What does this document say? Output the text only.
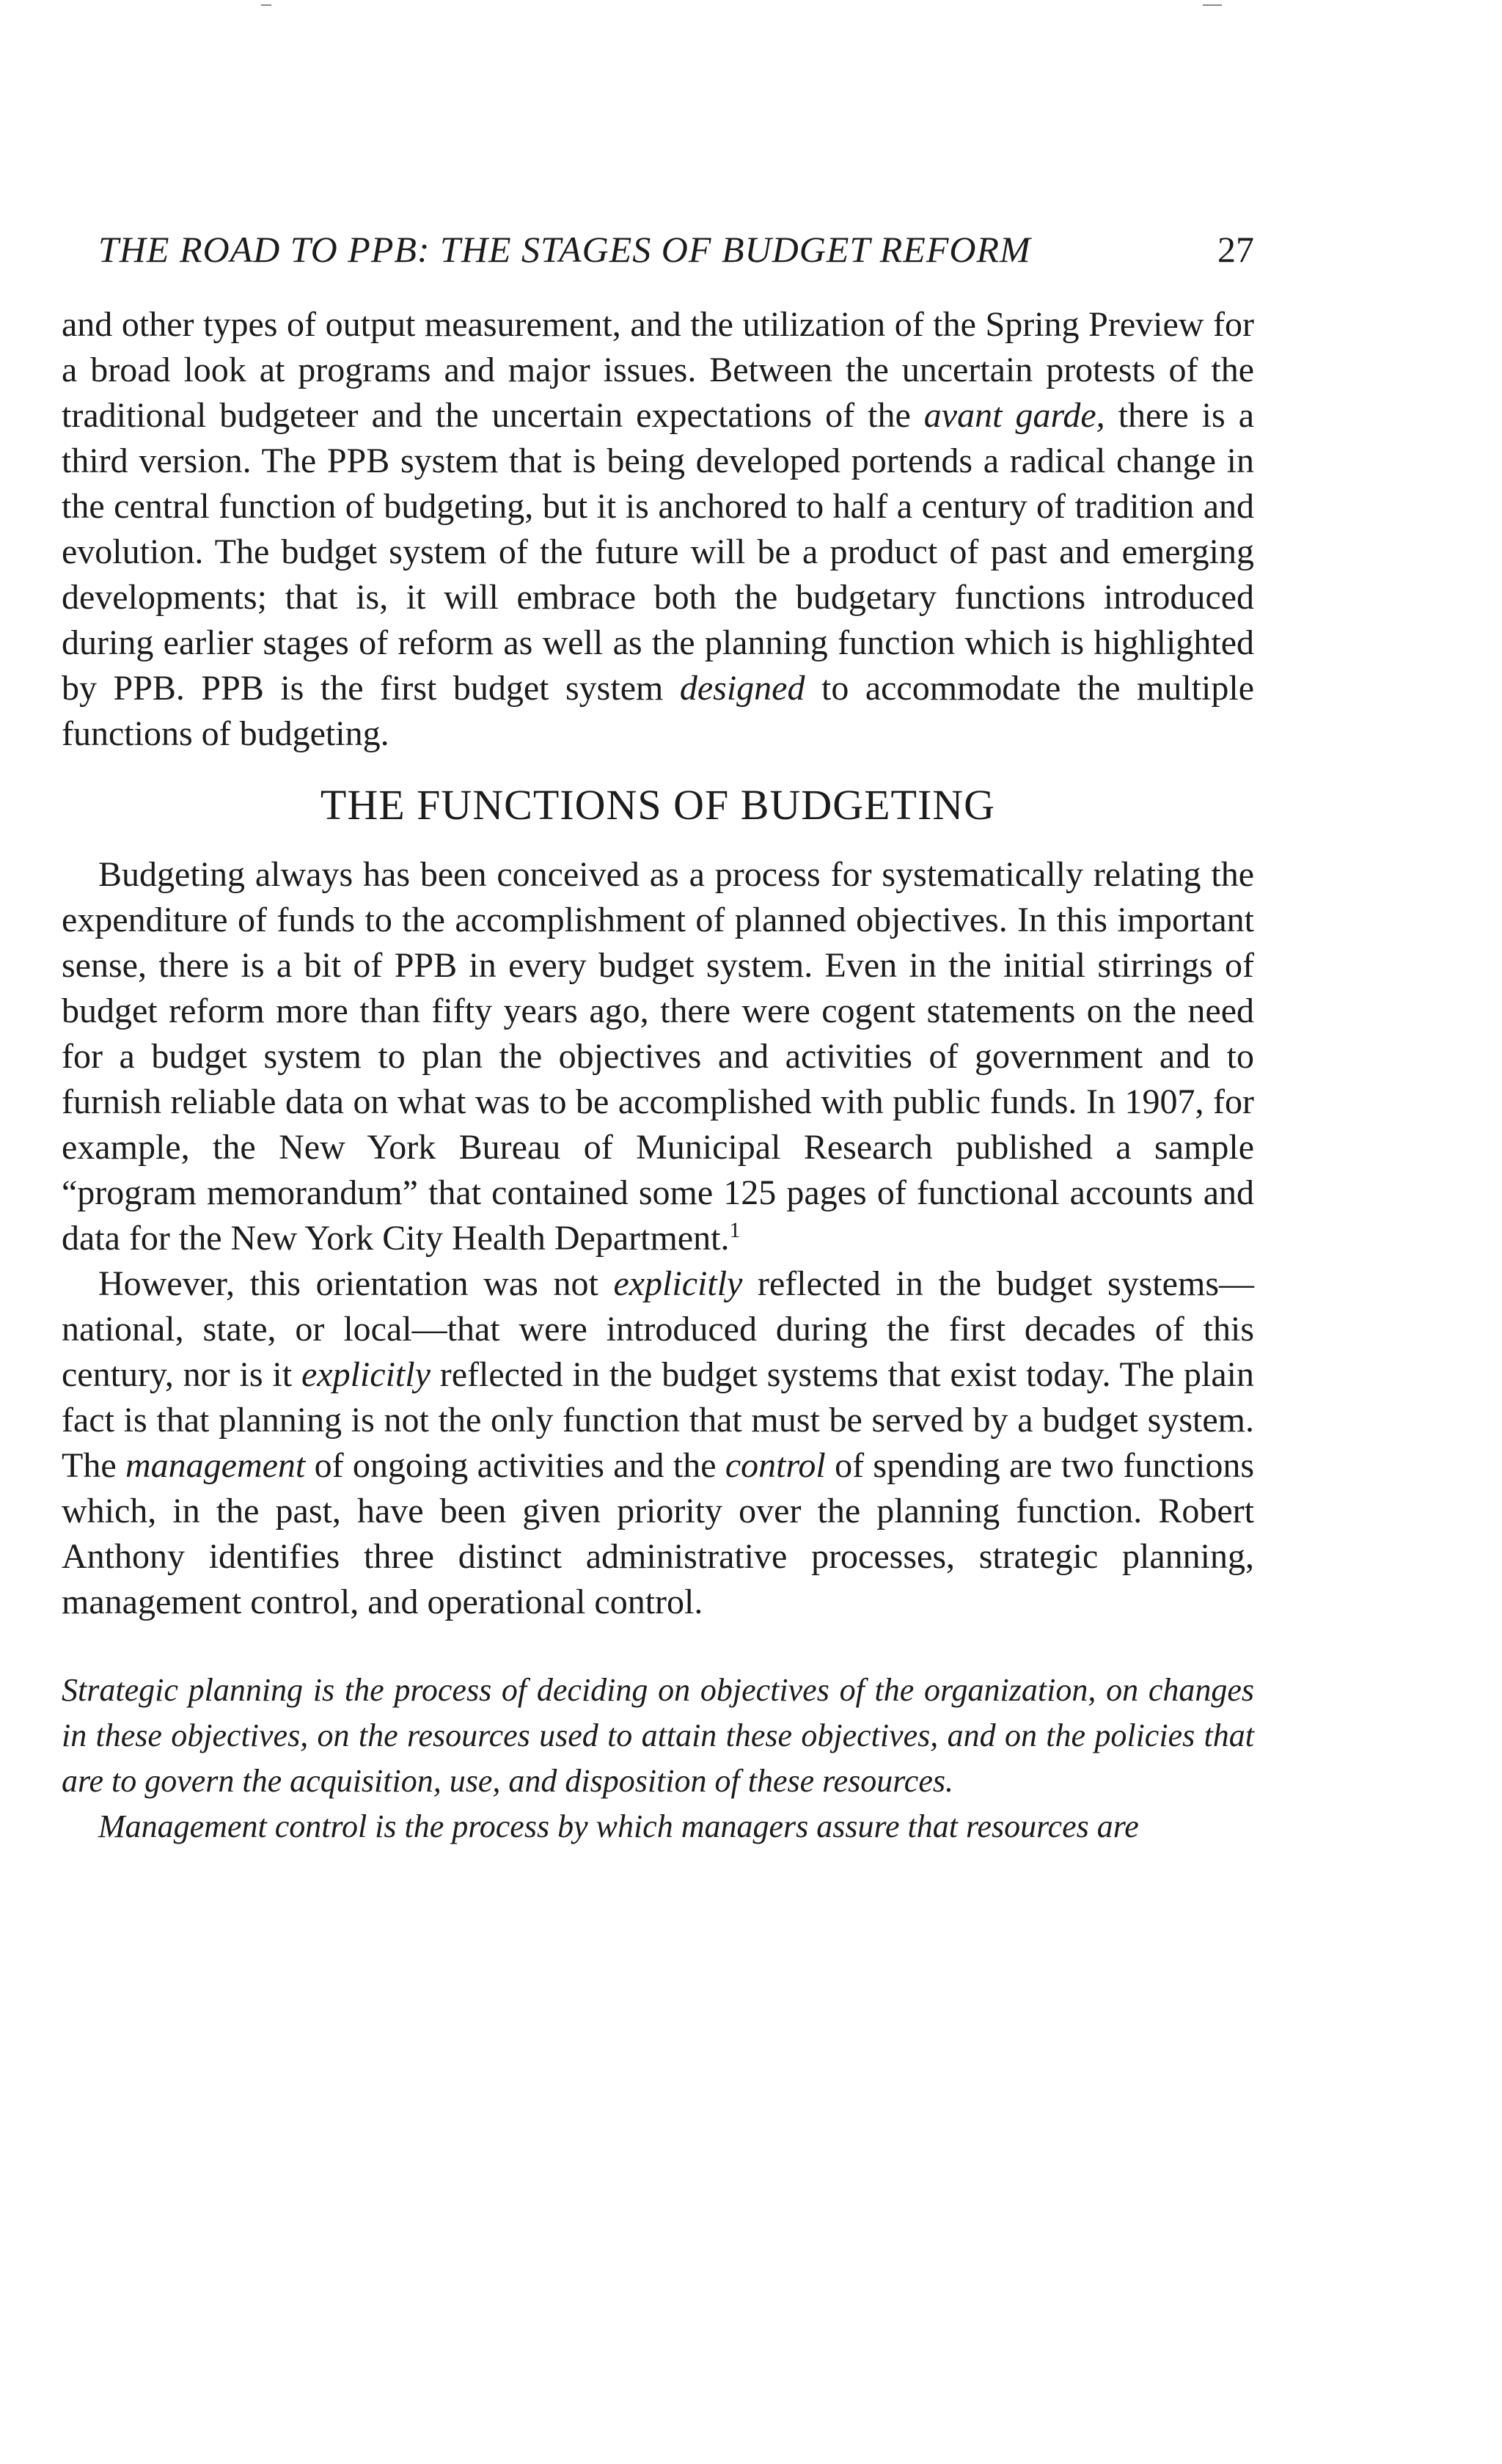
THE ROAD TO PPB: THE STAGES OF BUDGET REFORM	27

and other types of output measurement, and the utilization of the Spring Preview for a broad look at programs and major issues. Between the uncertain protests of the traditional budgeteer and the uncertain expectations of the avant garde, there is a third version. The PPB system that is being developed portends a radical change in the central function of budgeting, but it is anchored to half a century of tradition and evolution. The budget system of the future will be a product of past and emerging developments; that is, it will embrace both the budgetary functions introduced during earlier stages of reform as well as the planning function which is highlighted by PPB. PPB is the first budget system designed to accommodate the multiple functions of budgeting.

THE FUNCTIONS OF BUDGETING

Budgeting always has been conceived as a process for systematically relating the expenditure of funds to the accomplishment of planned objectives. In this important sense, there is a bit of PPB in every budget system. Even in the initial stirrings of budget reform more than fifty years ago, there were cogent statements on the need for a budget system to plan the objectives and activities of government and to furnish reliable data on what was to be accomplished with public funds. In 1907, for example, the New York Bureau of Municipal Research published a sample “program memorandum” that contained some 125 pages of functional accounts and data for the New York City Health Department.$^1$

However, this orientation was not explicitly reflected in the budget systems—national, state, or local—that were introduced during the first decades of this century, nor is it explicitly reflected in the budget systems that exist today. The plain fact is that planning is not the only function that must be served by a budget system. The management of ongoing activities and the control of spending are two functions which, in the past, have been given priority over the planning function. Robert Anthony identifies three distinct administrative processes, strategic planning, management control, and operational control.

Strategic planning is the process of deciding on objectives of the organization, on changes in these objectives, on the resources used to attain these objectives, and on the policies that are to govern the acquisition, use, and disposition of these resources.

Management control is the process by which managers assure that resources are
